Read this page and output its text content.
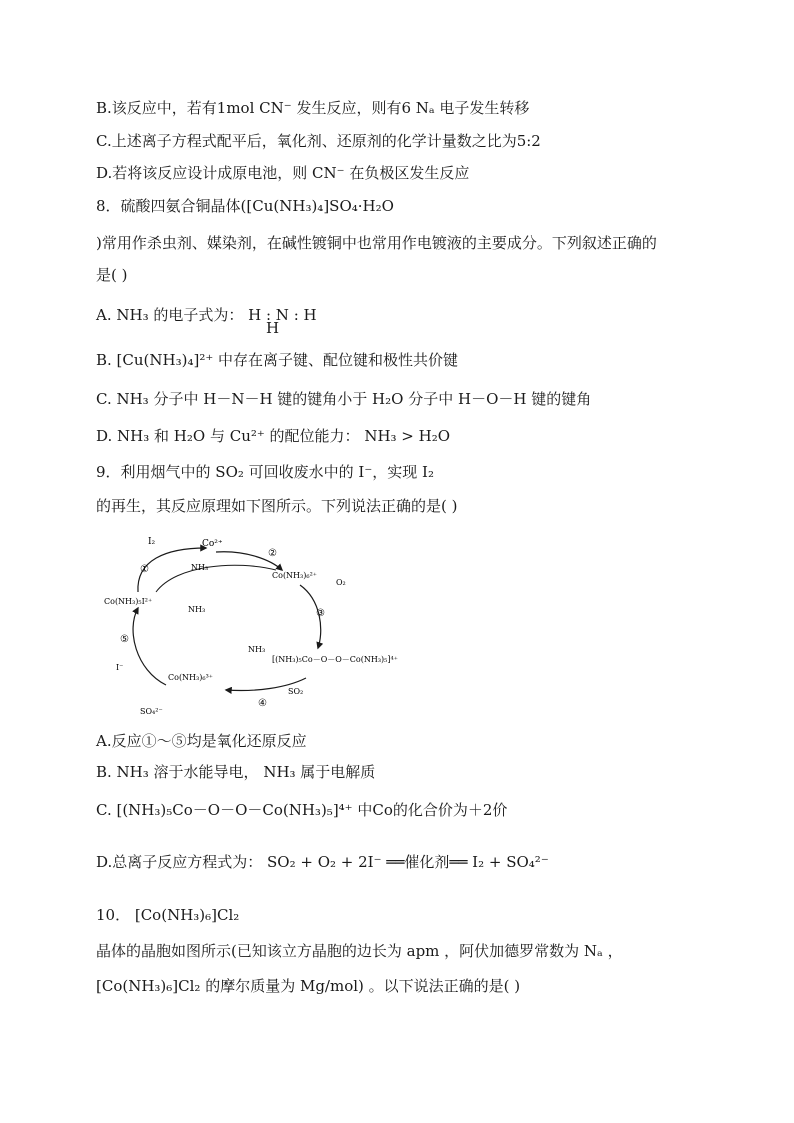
B.该反应中，若有1mol CN⁻ 发生反应，则有6 Nₐ 电子发生转移
C.上述离子方程式配平后，氧化剂、还原剂的化学计量数之比为5:2
D.若将该反应设计成原电池，则 CN⁻ 在负极区发生反应
8．硫酸四氨合铜晶体([Cu(NH₃)₄]SO₄·H₂O
)常用作杀虫剂、媒染剂，在碱性镀铜中也常用作电镀液的主要成分。下列叙述正确的
是( )
A. NH₃ 的电子式为： H : N : H
H
B. [Cu(NH₃)₄]²⁺ 中存在离子键、配位键和极性共价键
C. NH₃ 分子中 H－N－H 键的键角小于 H₂O 分子中 H－O－H 键的键角
D. NH₃ 和 H₂O 与 Cu²⁺ 的配位能力： NH₃ > H₂O
9．利用烟气中的 SO₂ 可回收废水中的 I⁻，实现 I₂
的再生，其反应原理如下图所示。下列说法正确的是( )
I₂	Co²⁺
NH₃
Co(NH₃)₆²⁺
O₂
Co(NH₃)₅I²⁺
NH₃
NH₃
[(NH₃)₅Co－O－O－Co(NH₃)₅]⁴⁺
I⁻
Co(NH₃)₆³⁺
SO₂
SO₄²⁻
①
②
③
④
⑤
A.反应①～⑤均是氧化还原反应
B. NH₃ 溶于水能导电， NH₃ 属于电解质
C. [(NH₃)₅Co－O－O－Co(NH₃)₅]⁴⁺ 中Co的化合价为＋2价
D.总离子反应方程式为： SO₂ + O₂ + 2I⁻ ══催化剂══ I₂ + SO₄²⁻
10． [Co(NH₃)₆]Cl₂
晶体的晶胞如图所示(已知该立方晶胞的边长为 apm ，阿伏加德罗常数为 Nₐ ，
[Co(NH₃)₆]Cl₂ 的摩尔质量为 Mg/mol) 。以下说法正确的是( )
